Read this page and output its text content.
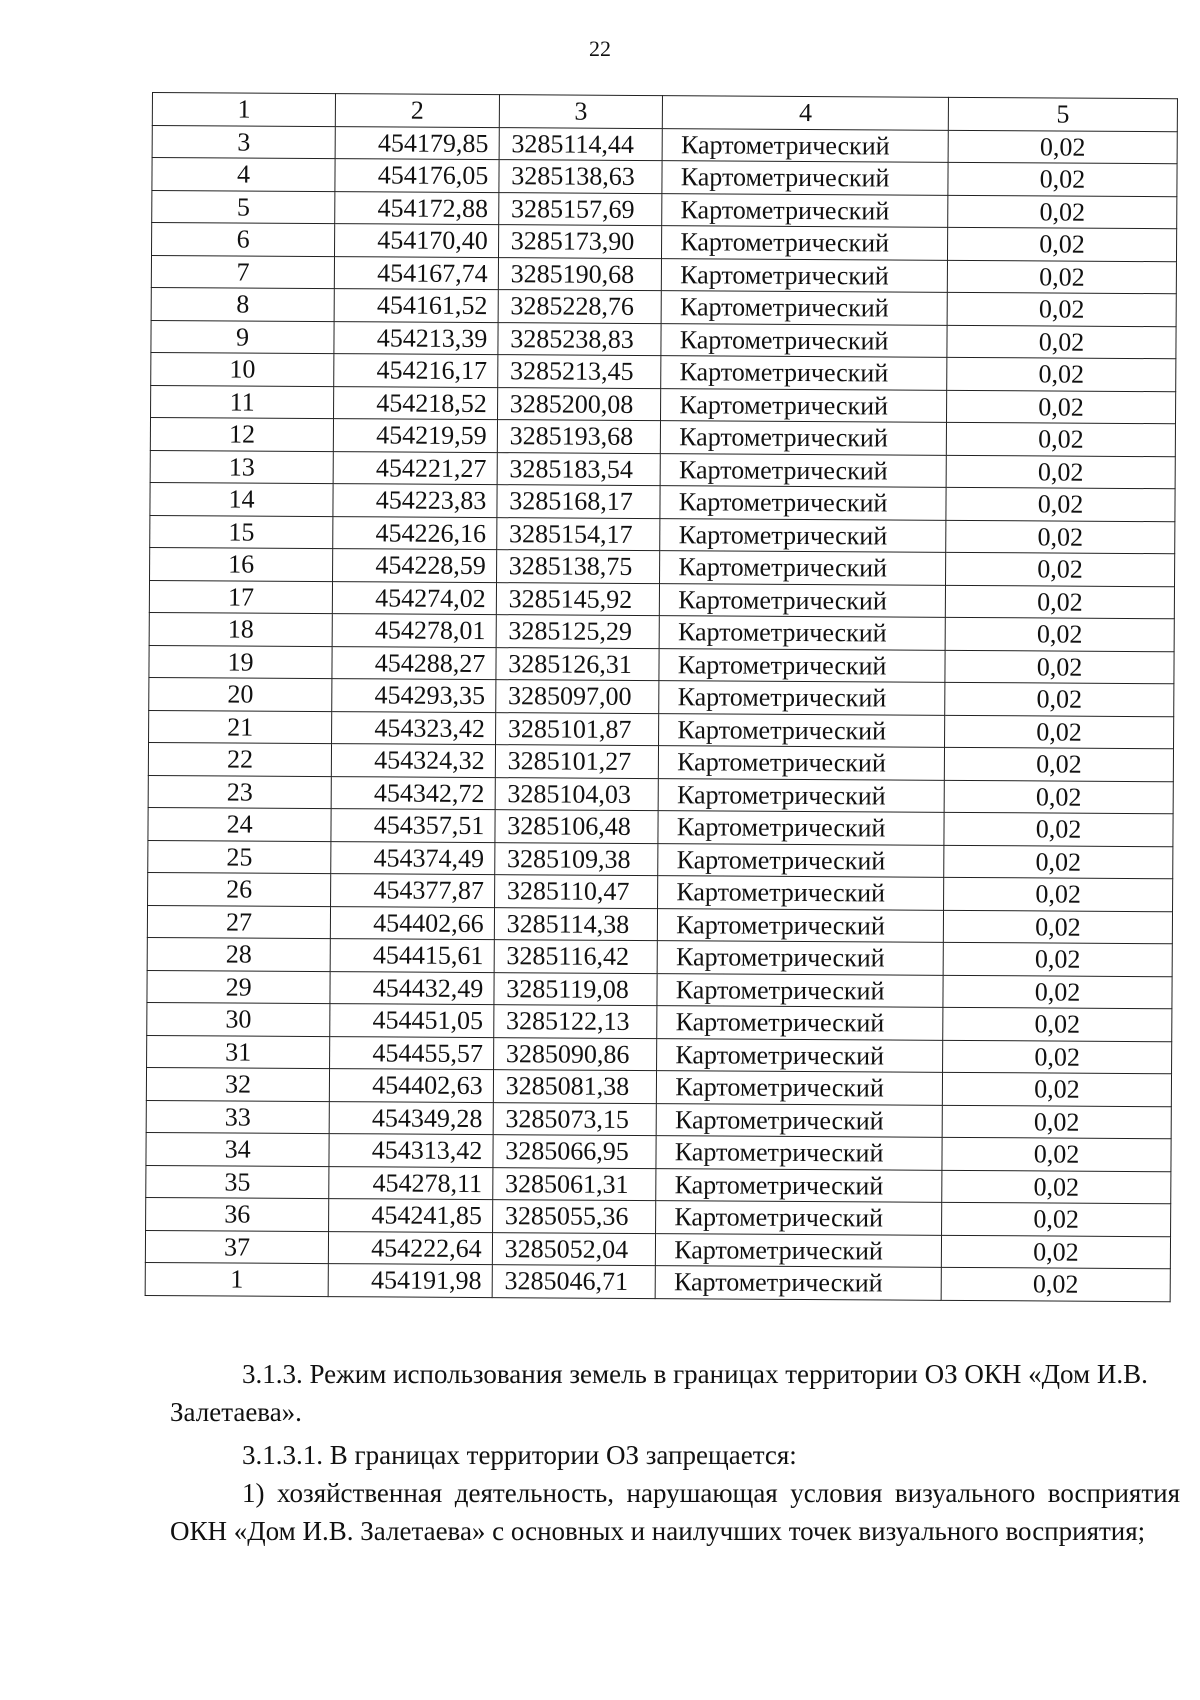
22
1	2	3	4	5
3	454179,85	3285114,44	Картометрический	0,02
4	454176,05	3285138,63	Картометрический	0,02
5	454172,88	3285157,69	Картометрический	0,02
6	454170,40	3285173,90	Картометрический	0,02
7	454167,74	3285190,68	Картометрический	0,02
8	454161,52	3285228,76	Картометрический	0,02
9	454213,39	3285238,83	Картометрический	0,02
10	454216,17	3285213,45	Картометрический	0,02
11	454218,52	3285200,08	Картометрический	0,02
12	454219,59	3285193,68	Картометрический	0,02
13	454221,27	3285183,54	Картометрический	0,02
14	454223,83	3285168,17	Картометрический	0,02
15	454226,16	3285154,17	Картометрический	0,02
16	454228,59	3285138,75	Картометрический	0,02
17	454274,02	3285145,92	Картометрический	0,02
18	454278,01	3285125,29	Картометрический	0,02
19	454288,27	3285126,31	Картометрический	0,02
20	454293,35	3285097,00	Картометрический	0,02
21	454323,42	3285101,87	Картометрический	0,02
22	454324,32	3285101,27	Картометрический	0,02
23	454342,72	3285104,03	Картометрический	0,02
24	454357,51	3285106,48	Картометрический	0,02
25	454374,49	3285109,38	Картометрический	0,02
26	454377,87	3285110,47	Картометрический	0,02
27	454402,66	3285114,38	Картометрический	0,02
28	454415,61	3285116,42	Картометрический	0,02
29	454432,49	3285119,08	Картометрический	0,02
30	454451,05	3285122,13	Картометрический	0,02
31	454455,57	3285090,86	Картометрический	0,02
32	454402,63	3285081,38	Картометрический	0,02
33	454349,28	3285073,15	Картометрический	0,02
34	454313,42	3285066,95	Картометрический	0,02
35	454278,11	3285061,31	Картометрический	0,02
36	454241,85	3285055,36	Картометрический	0,02
37	454222,64	3285052,04	Картометрический	0,02
1	454191,98	3285046,71	Картометрический	0,02
3.1.3. Режим использования земель в границах территории ОЗ ОКН «Дом И.В. Залетаева».
3.1.3.1. В границах территории ОЗ запрещается:
1) хозяйственная деятельность, нарушающая условия визуального восприятия ОКН «Дом И.В. Залетаева» с основных и наилучших точек визуального восприятия;
